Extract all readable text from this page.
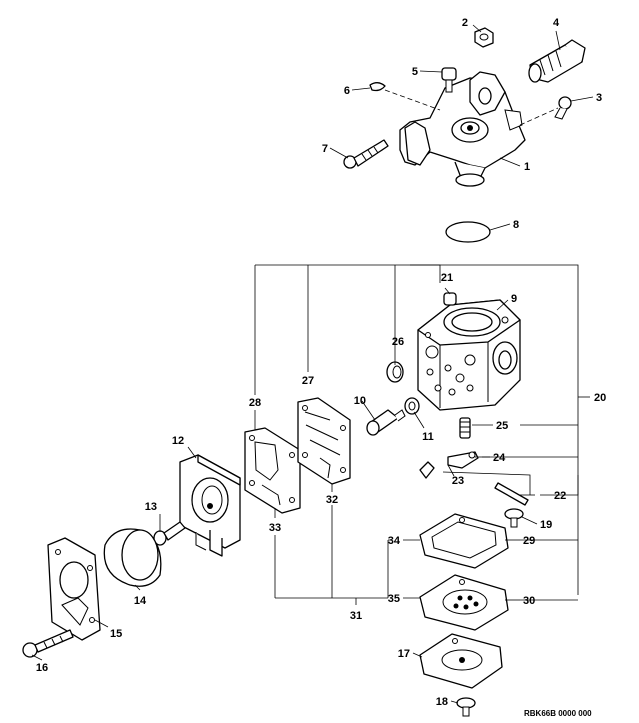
2	4
3
5
6
7
1
8
21
9
26
27
28	20
10
11
25
24
23
22
19
12
13
32
33
34	29
14	35	30
15
31
17
16
18
RBK66B 0000 000
